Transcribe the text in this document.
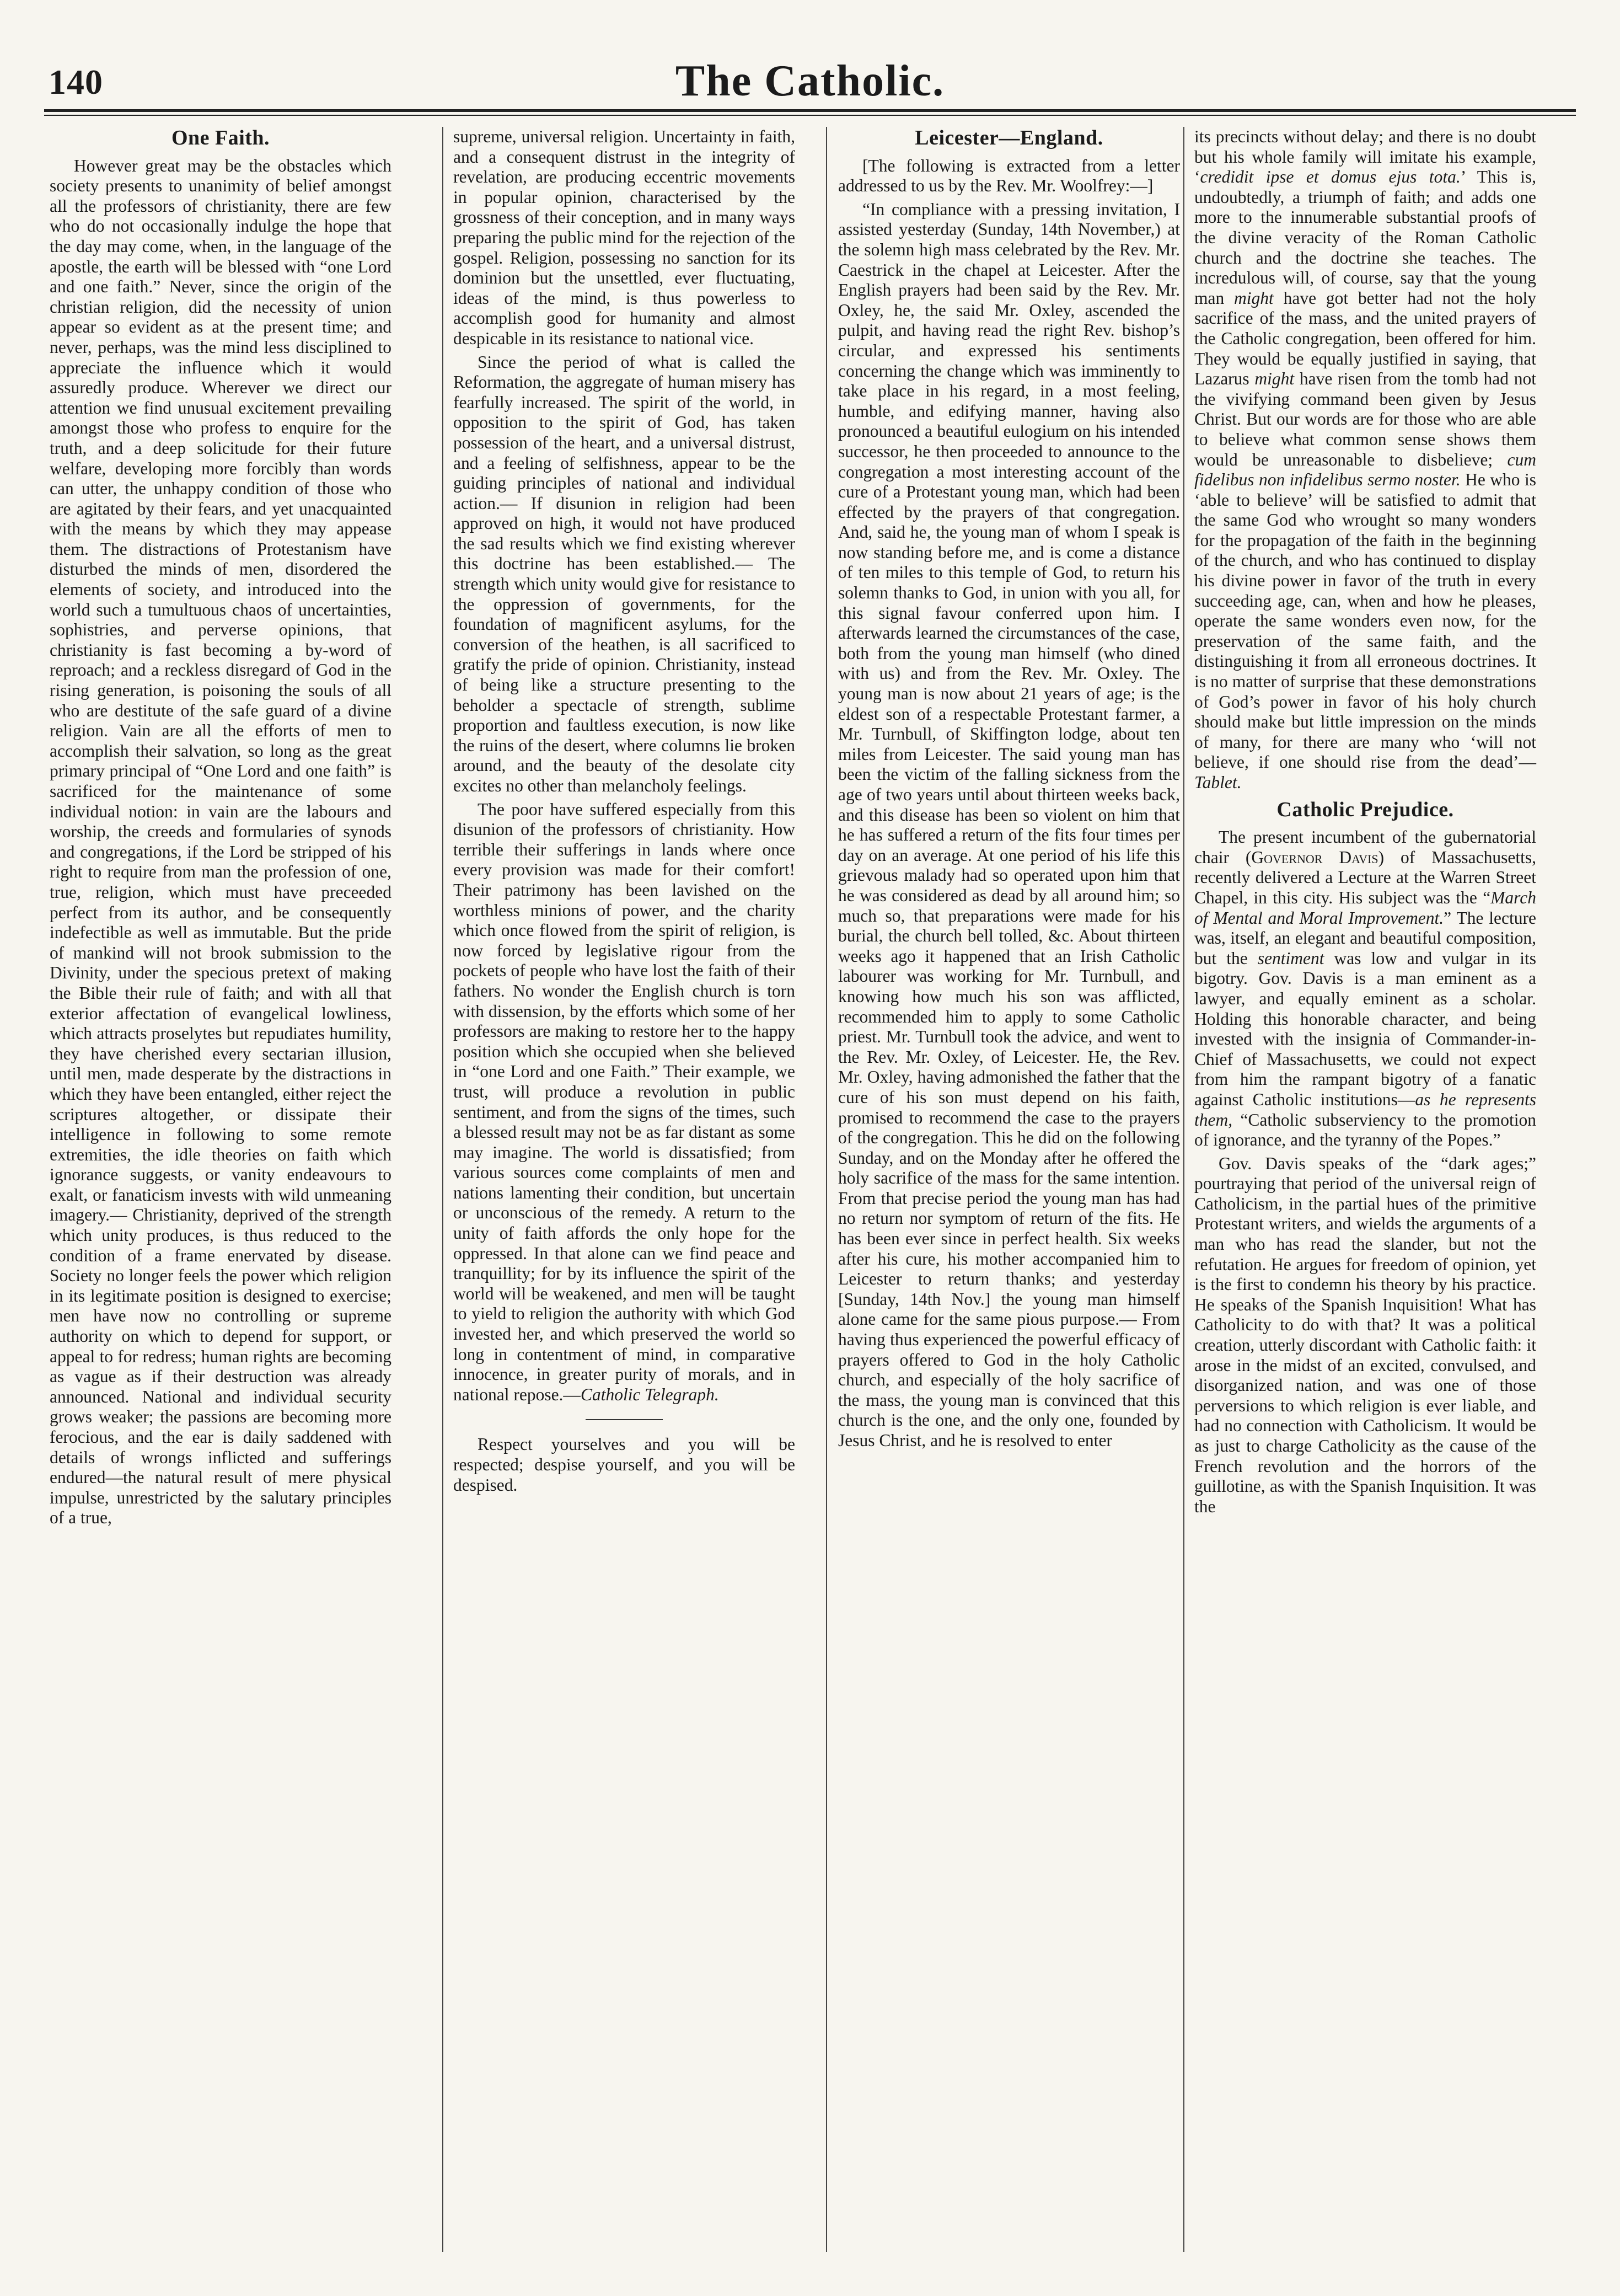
140	The Catholic.
One Faith.

However great may be the obstacles which society presents to unanimity of belief amongst all the professors of christianity, there are few who do not occasionally indulge the hope that the day may come, when, in the language of the apostle, the earth will be blessed with “one Lord and one faith.” Never, since the origin of the christian religion, did the necessity of union appear so evident as at the present time; and never, perhaps, was the mind less disciplined to appreciate the influence which it would assuredly produce. Wherever we direct our attention we find unusual excitement prevailing amongst those who profess to enquire for the truth, and a deep solicitude for their future welfare, developing more forcibly than words can utter, the unhappy condition of those who are agitated by their fears, and yet unacquainted with the means by which they may appease them. The distractions of Protestanism have disturbed the minds of men, disordered the elements of society, and introduced into the world such a tumultuous chaos of uncertainties, sophistries, and perverse opinions, that christianity is fast becoming a by-word of reproach; and a reckless disregard of God in the rising generation, is poisoning the souls of all who are destitute of the safe guard of a divine religion. Vain are all the efforts of men to accomplish their salvation, so long as the great primary principal of “One Lord and one faith” is sacrificed for the maintenance of some individual notion: in vain are the labours and worship, the creeds and formularies of synods and congregations, if the Lord be stripped of his right to require from man the profession of one, true, religion, which must have preceeded perfect from its author, and be consequently indefectible as well as immutable. But the pride of mankind will not brook submission to the Divinity, under the specious pretext of making the Bible their rule of faith; and with all that exterior affectation of evangelical lowliness, which attracts proselytes but repudiates humility, they have cherished every sectarian illusion, until men, made desperate by the distractions in which they have been entangled, either reject the scriptures altogether, or dissipate their intelligence in following to some remote extremities, the idle theories on faith which ignorance suggests, or vanity endeavours to exalt, or fanaticism invests with wild unmeaning imagery.— Christianity, deprived of the strength which unity produces, is thus reduced to the condition of a frame enervated by disease. Society no longer feels the power which religion in its legitimate position is designed to exercise; men have now no controlling or supreme authority on which to depend for support, or appeal to for redress; human rights are becoming as vague as if their destruction was already announced. National and individual security grows weaker; the passions are becoming more ferocious, and the ear is daily saddened with details of wrongs inflicted and sufferings endured—the natural result of mere physical impulse, unrestricted by the salutary principles of a true,

supreme, universal religion. Uncertainty in faith, and a consequent distrust in the integrity of revelation, are producing eccentric movements in popular opinion, characterised by the grossness of their conception, and in many ways preparing the public mind for the rejection of the gospel. Religion, possessing no sanction for its dominion but the unsettled, ever fluctuating, ideas of the mind, is thus powerless to accomplish good for humanity and almost despicable in its resistance to national vice.

Since the period of what is called the Reformation, the aggregate of human misery has fearfully increased. The spirit of the world, in opposition to the spirit of God, has taken possession of the heart, and a universal distrust, and a feeling of selfishness, appear to be the guiding principles of national and individual action.— If disunion in religion had been approved on high, it would not have produced the sad results which we find existing wherever this doctrine has been established.— The strength which unity would give for resistance to the oppression of governments, for the foundation of magnificent asylums, for the conversion of the heathen, is all sacrificed to gratify the pride of opinion. Christianity, instead of being like a structure presenting to the beholder a spectacle of strength, sublime proportion and faultless execution, is now like the ruins of the desert, where columns lie broken around, and the beauty of the desolate city excites no other than melancholy feelings.

The poor have suffered especially from this disunion of the professors of christianity. How terrible their sufferings in lands where once every provision was made for their comfort! Their patrimony has been lavished on the worthless minions of power, and the charity which once flowed from the spirit of religion, is now forced by legislative rigour from the pockets of people who have lost the faith of their fathers. No wonder the English church is torn with dissension, by the efforts which some of her professors are making to restore her to the happy position which she occupied when she believed in “one Lord and one Faith.” Their example, we trust, will produce a revolution in public sentiment, and from the signs of the times, such a blessed result may not be as far distant as some may imagine. The world is dissatisfied; from various sources come complaints of men and nations lamenting their condition, but uncertain or unconscious of the remedy. A return to the unity of faith affords the only hope for the oppressed. In that alone can we find peace and tranquillity; for by its influence the spirit of the world will be weakened, and men will be taught to yield to religion the authority with which God invested her, and which preserved the world so long in contentment of mind, in comparative innocence, in greater purity of morals, and in national repose.—Catholic Telegraph.

Respect yourselves and you will be respected; despise yourself, and you will be despised.

Leicester—England.

[The following is extracted from a letter addressed to us by the Rev. Mr. Woolfrey:—]

“In compliance with a pressing invitation, I assisted yesterday (Sunday, 14th November,) at the solemn high mass celebrated by the Rev. Mr. Caestrick in the chapel at Leicester. After the English prayers had been said by the Rev. Mr. Oxley, he, the said Mr. Oxley, ascended the pulpit, and having read the right Rev. bishop’s circular, and expressed his sentiments concerning the change which was imminently to take place in his regard, in a most feeling, humble, and edifying manner, having also pronounced a beautiful eulogium on his intended successor, he then proceeded to announce to the congregation a most interesting account of the cure of a Protestant young man, which had been effected by the prayers of that congregation. And, said he, the young man of whom I speak is now standing before me, and is come a distance of ten miles to this temple of God, to return his solemn thanks to God, in union with you all, for this signal favour conferred upon him. I afterwards learned the circumstances of the case, both from the young man himself (who dined with us) and from the Rev. Mr. Oxley. The young man is now about 21 years of age; is the eldest son of a respectable Protestant farmer, a Mr. Turnbull, of Skiffington lodge, about ten miles from Leicester. The said young man has been the victim of the falling sickness from the age of two years until about thirteen weeks back, and this disease has been so violent on him that he has suffered a return of the fits four times per day on an average. At one period of his life this grievous malady had so operated upon him that he was considered as dead by all around him; so much so, that preparations were made for his burial, the church bell tolled, &c. About thirteen weeks ago it happened that an Irish Catholic labourer was working for Mr. Turnbull, and knowing how much his son was afflicted, recommended him to apply to some Catholic priest. Mr. Turnbull took the advice, and went to the Rev. Mr. Oxley, of Leicester. He, the Rev. Mr. Oxley, having admonished the father that the cure of his son must depend on his faith, promised to recommend the case to the prayers of the congregation. This he did on the following Sunday, and on the Monday after he offered the holy sacrifice of the mass for the same intention. From that precise period the young man has had no return nor symptom of return of the fits. He has been ever since in perfect health. Six weeks after his cure, his mother accompanied him to Leicester to return thanks; and yesterday [Sunday, 14th Nov.] the young man himself alone came for the same pious purpose.— From having thus experienced the powerful efficacy of prayers offered to God in the holy Catholic church, and especially of the holy sacrifice of the mass, the young man is convinced that this church is the one, and the only one, founded by Jesus Christ, and he is resolved to enter

its precincts without delay; and there is no doubt but his whole family will imitate his example, ‘credidit ipse et domus ejus tota.’ This is, undoubtedly, a triumph of faith; and adds one more to the innumerable substantial proofs of the divine veracity of the Roman Catholic church and the doctrine she teaches. The incredulous will, of course, say that the young man might have got better had not the holy sacrifice of the mass, and the united prayers of the Catholic congregation, been offered for him. They would be equally justified in saying, that Lazarus might have risen from the tomb had not the vivifying command been given by Jesus Christ. But our words are for those who are able to believe what common sense shows them would be unreasonable to disbelieve; cum fidelibus non infidelibus sermo noster. He who is ‘able to believe’ will be satisfied to admit that the same God who wrought so many wonders for the propagation of the faith in the beginning of the church, and who has continued to display his divine power in favor of the truth in every succeeding age, can, when and how he pleases, operate the same wonders even now, for the preservation of the same faith, and the distinguishing it from all erroneous doctrines. It is no matter of surprise that these demonstrations of God’s power in favor of his holy church should make but little impression on the minds of many, for there are many who ‘will not believe, if one should rise from the dead’—Tablet.

Catholic Prejudice.

The present incumbent of the gubernatorial chair (Governor Davis) of Massachusetts, recently delivered a Lecture at the Warren Street Chapel, in this city. His subject was the “March of Mental and Moral Improvement.” The lecture was, itself, an elegant and beautiful composition, but the sentiment was low and vulgar in its bigotry. Gov. Davis is a man eminent as a lawyer, and equally eminent as a scholar. Holding this honorable character, and being invested with the insignia of Commander-in-Chief of Massachusetts, we could not expect from him the rampant bigotry of a fanatic against Catholic institutions—as he represents them, “Catholic subserviency to the promotion of ignorance, and the tyranny of the Popes.”

Gov. Davis speaks of the “dark ages;” pourtraying that period of the universal reign of Catholicism, in the partial hues of the primitive Protestant writers, and wields the arguments of a man who has read the slander, but not the refutation. He argues for freedom of opinion, yet is the first to condemn his theory by his practice. He speaks of the Spanish Inquisition! What has Catholicity to do with that? It was a political creation, utterly discordant with Catholic faith: it arose in the midst of an excited, convulsed, and disorganized nation, and was one of those perversions to which religion is ever liable, and had no connection with Catholicism. It would be as just to charge Catholicity as the cause of the French revolution and the horrors of the guillotine, as with the Spanish Inquisition. It was the
